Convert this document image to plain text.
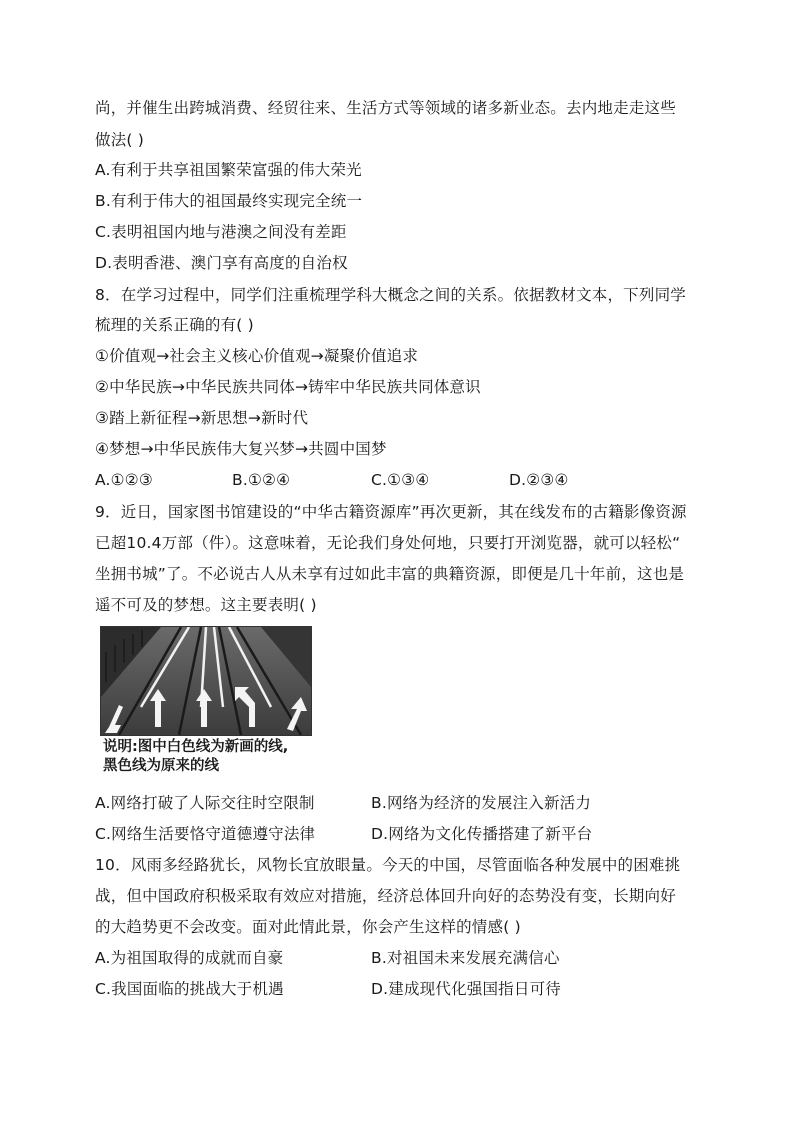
尚，并催生出跨城消费、经贸往来、生活方式等领域的诸多新业态。去内地走走这些
做法( )
A.有利于共享祖国繁荣富强的伟大荣光
B.有利于伟大的祖国最终实现完全统一
C.表明祖国内地与港澳之间没有差距
D.表明香港、澳门享有高度的自治权
8．在学习过程中，同学们注重梳理学科大概念之间的关系。依据教材文本，下列同学
梳理的关系正确的有( )
①价值观→社会主义核心价值观→凝聚价值追求
②中华民族→中华民族共同体→铸牢中华民族共同体意识
③踏上新征程→新思想→新时代
④梦想→中华民族伟大复兴梦→共圆中国梦
A.①②③	B.①②④	C.①③④	D.②③④
9．近日，国家图书馆建设的“中华古籍资源库”再次更新，其在线发布的古籍影像资源
已超10.4万部（件）。这意味着，无论我们身处何地，只要打开浏览器，就可以轻松“
坐拥书城”了。不必说古人从未享有过如此丰富的典籍资源，即便是几十年前，这也是
遥不可及的梦想。这主要表明( )
说明:图中白色线为新画的线,
黑色线为原来的线
A.网络打破了人际交往时空限制	B.网络为经济的发展注入新活力
C.网络生活要恪守道德遵守法律	D.网络为文化传播搭建了新平台
10．风雨多经路犹长，风物长宜放眼量。今天的中国，尽管面临各种发展中的困难挑
战，但中国政府积极采取有效应对措施，经济总体回升向好的态势没有变，长期向好
的大趋势更不会改变。面对此情此景，你会产生这样的情感( )
A.为祖国取得的成就而自豪	B.对祖国未来发展充满信心
C.我国面临的挑战大于机遇	D.建成现代化强国指日可待
